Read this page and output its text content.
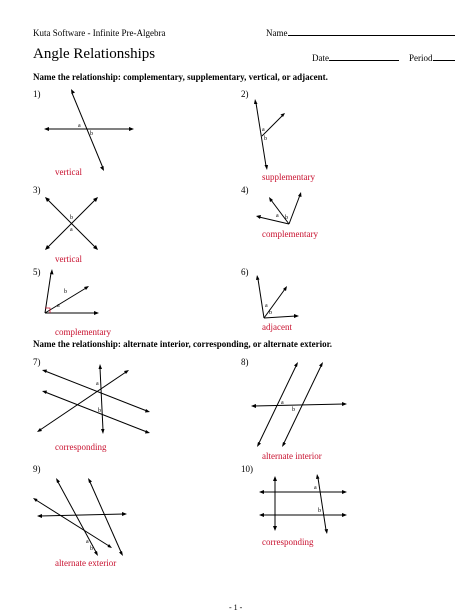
Kuta Software - Infinite Pre-Algebra	Name
Angle Relationships	Date	Period
Name the relationship: complementary, supplementary, vertical, or adjacent.
1)
a
b
vertical
2)
a
b
supplementary
3)
b
a
vertical
4)
a b
complementary
5)
b
a
complementary
6)
a
b
adjacent
Name the relationship: alternate interior, corresponding, or alternate exterior.
7)
a
b
corresponding
8)
a
b
alternate interior
9)
a
b
alternate exterior
10)
a
b
corresponding
- 1 -
